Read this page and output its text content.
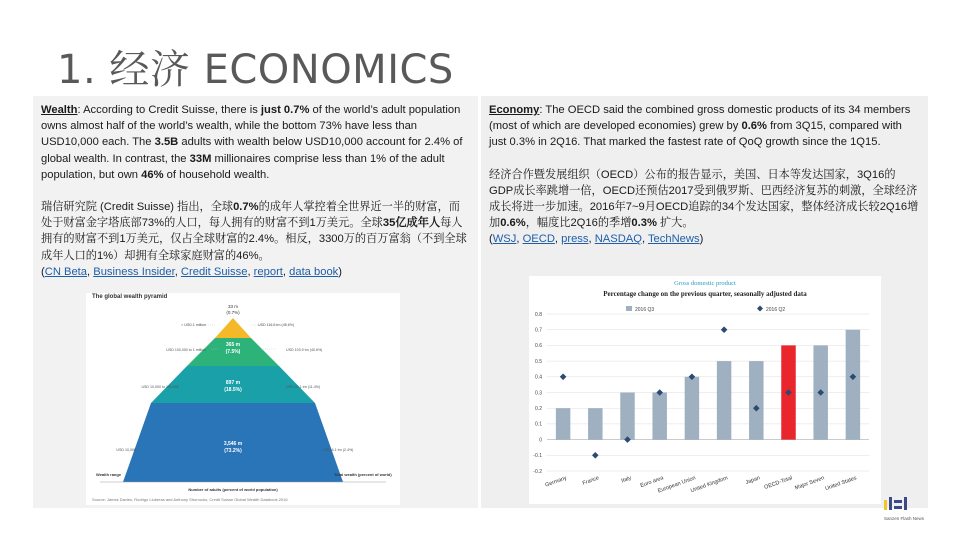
1. 经济 ECONOMICS

Wealth: According to Credit Suisse, there is just 0.7% of the world’s adult population owns almost half of the world’s wealth, while the bottom 73% have less than USD10,000 each. The 3.5B adults with wealth below USD10,000 account for 2.4% of global wealth. In contrast, the 33M millionaires comprise less than 1% of the adult population, but own 46% of household wealth.

瑞信研究院 (Credit Suisse) 指出，全球0.7%的成年人掌控着全世界近一半的财富，而处于财富金字塔底部73%的人口，每人拥有的财富不到1万美元。全球35亿成年人每人拥有的财富不到1万美元，仅占全球财富的2.4%。相反，3300万的百万富翁（不到全球成年人口的1%）却拥有全球家庭财富的46%。

(CN Beta, Business Insider, Credit Suisse, report, data book)

Economy: The OECD said the combined gross domestic products of its 34 members (most of which are developed economies) grew by 0.6% from 3Q15, compared with just 0.3% in 2Q16. That marked the fastest rate of QoQ growth since the 1Q15.

经济合作暨发展组织（OECD）公布的报告显示，美国、日本等发达国家，3Q16的 GDP成长率跳增一倍，OECD还预估2017受到俄罗斯、巴西经济复苏的刺激，全球经济成长将进一步加速。2016年7~9月OECD追踪的34个发达国家，整体经济成长较2Q16增加0.6%，幅度比2Q16的季增0.3% 扩大。

(WSJ, OECD, press, NASDAQ, TechNews)

The global wealth pyramid
33 m
(0.7%)
365 m
(7.5%)
897 m
(18.5%)
3,546 m
(73.2%)
> USD 1 million
USD 100,000 to 1 million
USD 10,000 to 100,000
USD 10,000
USD 116.6 trn (45.6%)
USD 103.9 trn (40.6%)
USD 29.1 trn (11.4%)
USD 6.1 trn (2.4%)
Wealth range	Total wealth (percent of world)
Number of adults (percent of world population)
Source: James Davies, Rodrigo Lluberas and Anthony Shorrocks, Credit Suisse Global Wealth Databook 2016
Gross domestic product
Percentage change on the previous quarter, seasonally adjusted data
-0.2
-0.1
0
0.1
0.2
0.3
0.4
0.5
0.6
0.7
0.8
Germany	France	Italy Euro area
European Union
United Kingdom	Japan OECD-Total Major Seven United States
2016 Q3	2016 Q2
Sanzen Flash News
